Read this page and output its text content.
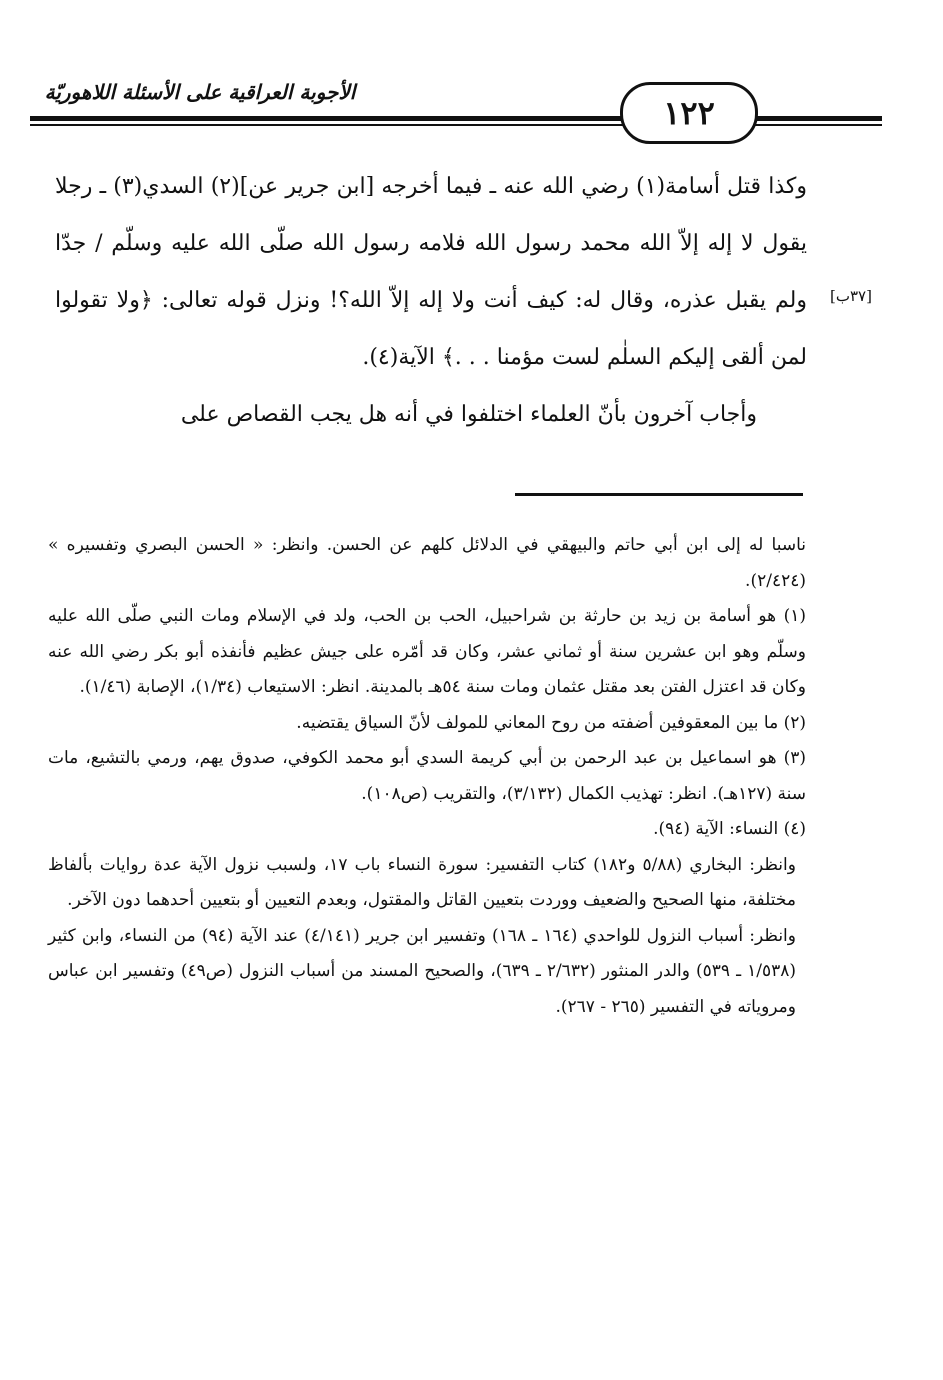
الأجوبة العراقية على الأسئلة اللاهوريّة
١٢٢
[٣٧ب]

وكذا قتل أسامة(١) رضي الله عنه ـ فيما أخرجه [ابن جرير عن](٢) السدي(٣) ـ رجلا يقول لا إله إلاّ الله محمد رسول الله فلامه رسول الله صلّى الله عليه وسلّم / جدّا ولم يقبل عذره، وقال له: كيف أنت ولا إله إلاّ الله؟! ونزل قوله تعالى: ﴿ولا تقولوا لمن ألقى إليكم السلٰم لست مؤمنا . . .﴾ الآية(٤).

وأجاب آخرون بأنّ العلماء اختلفوا في أنه هل يجب القصاص على

ناسبا له إلى ابن أبي حاتم والبيهقي في الدلائل كلهم عن الحسن. وانظر: « الحسن البصري وتفسيره » (٢/٤٢٤).

(١) هو أسامة بن زيد بن حارثة بن شراحبيل، الحب بن الحب، ولد في الإسلام ومات النبي صلّى الله عليه وسلّم وهو ابن عشرين سنة أو ثماني عشر، وكان قد أمّره على جيش عظيم فأنفذه أبو بكر رضي الله عنه وكان قد اعتزل الفتن بعد مقتل عثمان ومات سنة ٥٤هـ بالمدينة. انظر: الاستيعاب (١/٣٤)، الإصابة (١/٤٦).

(٢) ما بين المعقوفين أضفته من روح المعاني للمولف لأنّ السياق يقتضيه.

(٣) هو اسماعيل بن عبد الرحمن بن أبي كريمة السدي أبو محمد الكوفي، صدوق يهم، ورمي بالتشيع، مات سنة (١٢٧هـ). انظر: تهذيب الكمال (٣/١٣٢)، والتقريب (ص١٠٨).

(٤) النساء: الآية (٩٤).

وانظر: البخاري (٥/٨٨ و١٨٢) كتاب التفسير: سورة النساء باب ١٧، ولسبب نزول الآية عدة روايات بألفاظ مختلفة، منها الصحيح والضعيف ووردت بتعيين القاتل والمقتول، وبعدم التعيين أو بتعيين أحدهما دون الآخر.

وانظر: أسباب النزول للواحدي (١٦٤ ـ ١٦٨) وتفسير ابن جرير (٤/١٤١) عند الآية (٩٤) من النساء، وابن كثير (١/٥٣٨ ـ ٥٣٩) والدر المنثور (٢/٦٣٢ ـ ٦٣٩)، والصحيح المسند من أسباب النزول (ص٤٩) وتفسير ابن عباس ومروياته في التفسير (٢٦٥ - ٢٦٧).
